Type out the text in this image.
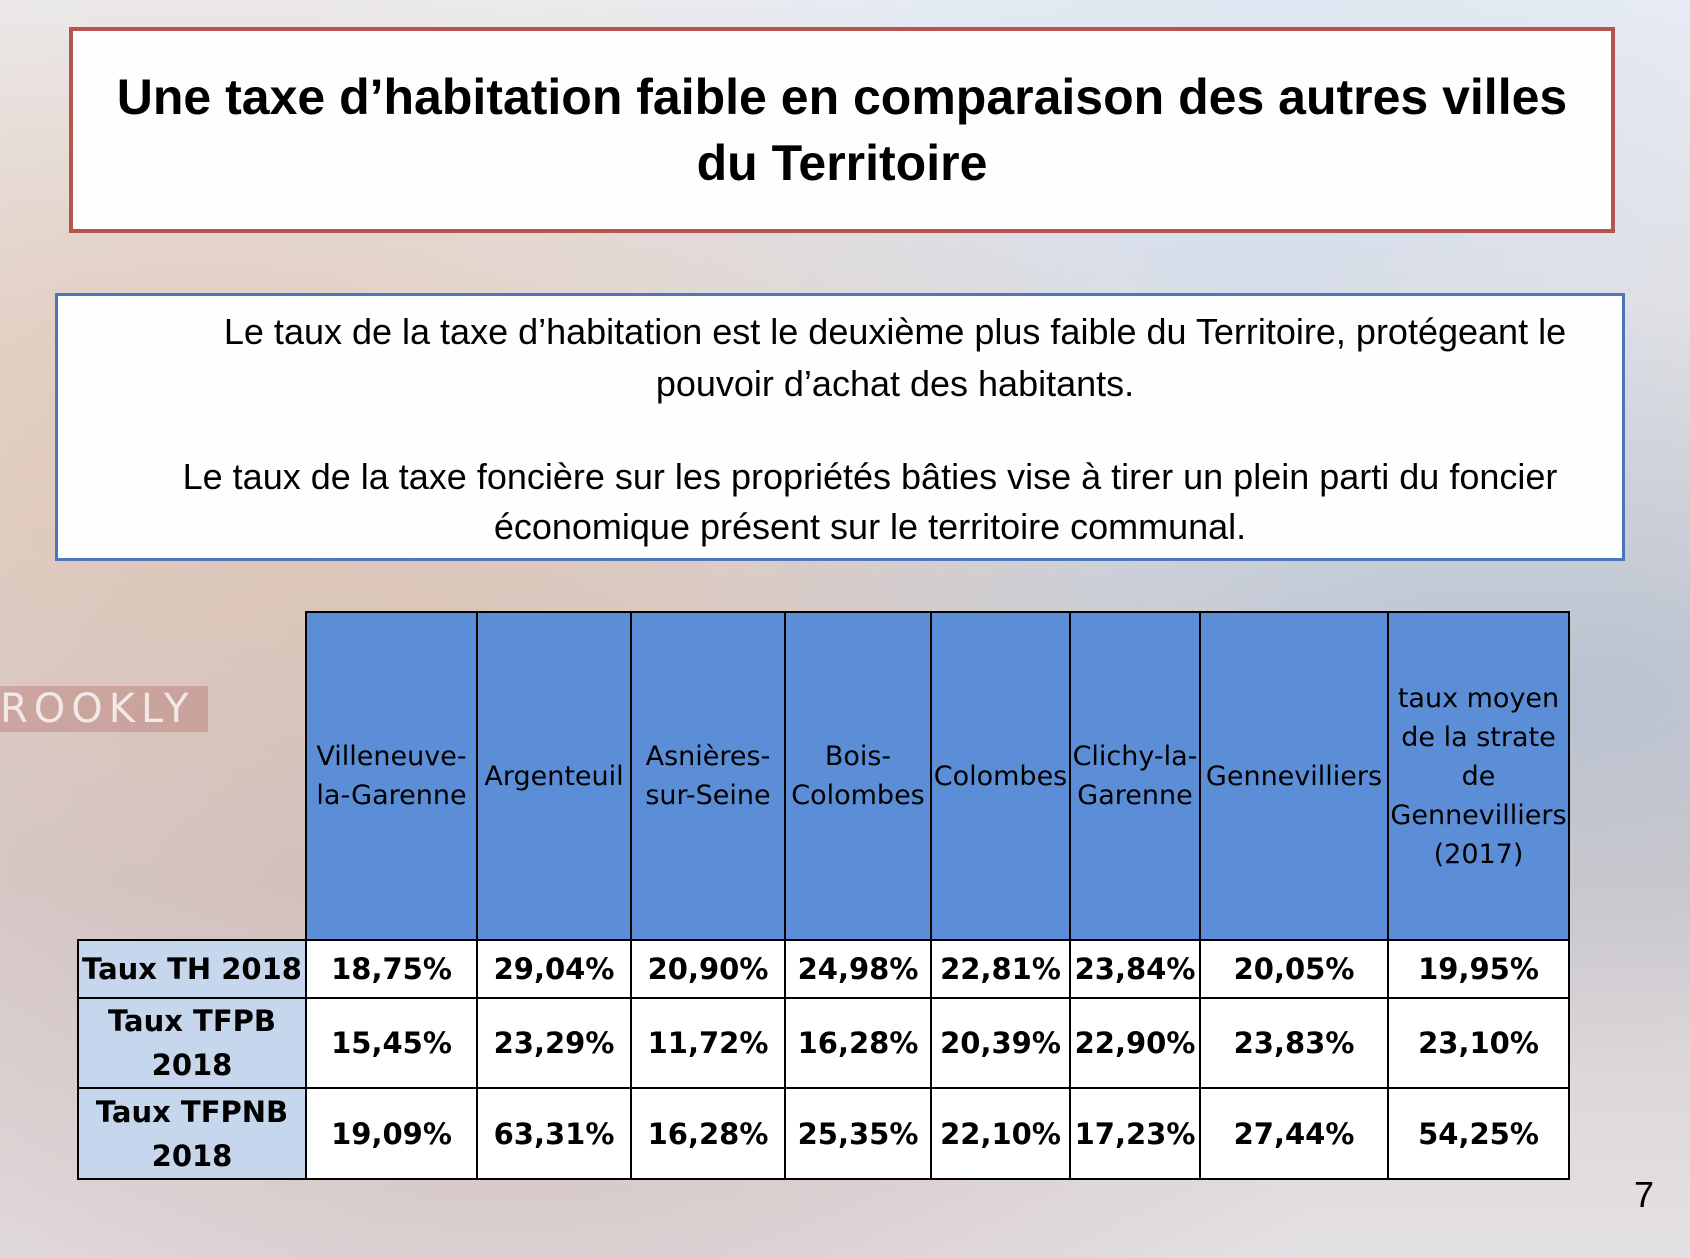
ROOKLY
Une taxe d’habitation faible en comparaison des autres villes du Territoire
Le taux de la taxe d’habitation est le deuxième plus faible du Territoire, protégeant le pouvoir d’achat des habitants.
Le taux de la taxe foncière sur les propriétés bâties vise à tirer un plein parti du foncier économique présent sur le territoire communal.
	Villeneuve-la-Garenne	Argenteuil	Asnières-sur-Seine	Bois-Colombes	Colombes	Clichy-la-Garenne	Gennevilliers	taux moyen de la strate de Gennevilliers (2017)
Taux TH 2018	18,75%	29,04%	20,90%	24,98%	22,81%	23,84%	20,05%	19,95%
Taux TFPB 2018	15,45%	23,29%	11,72%	16,28%	20,39%	22,90%	23,83%	23,10%
Taux TFPNB 2018	19,09%	63,31%	16,28%	25,35%	22,10%	17,23%	27,44%	54,25%
7
